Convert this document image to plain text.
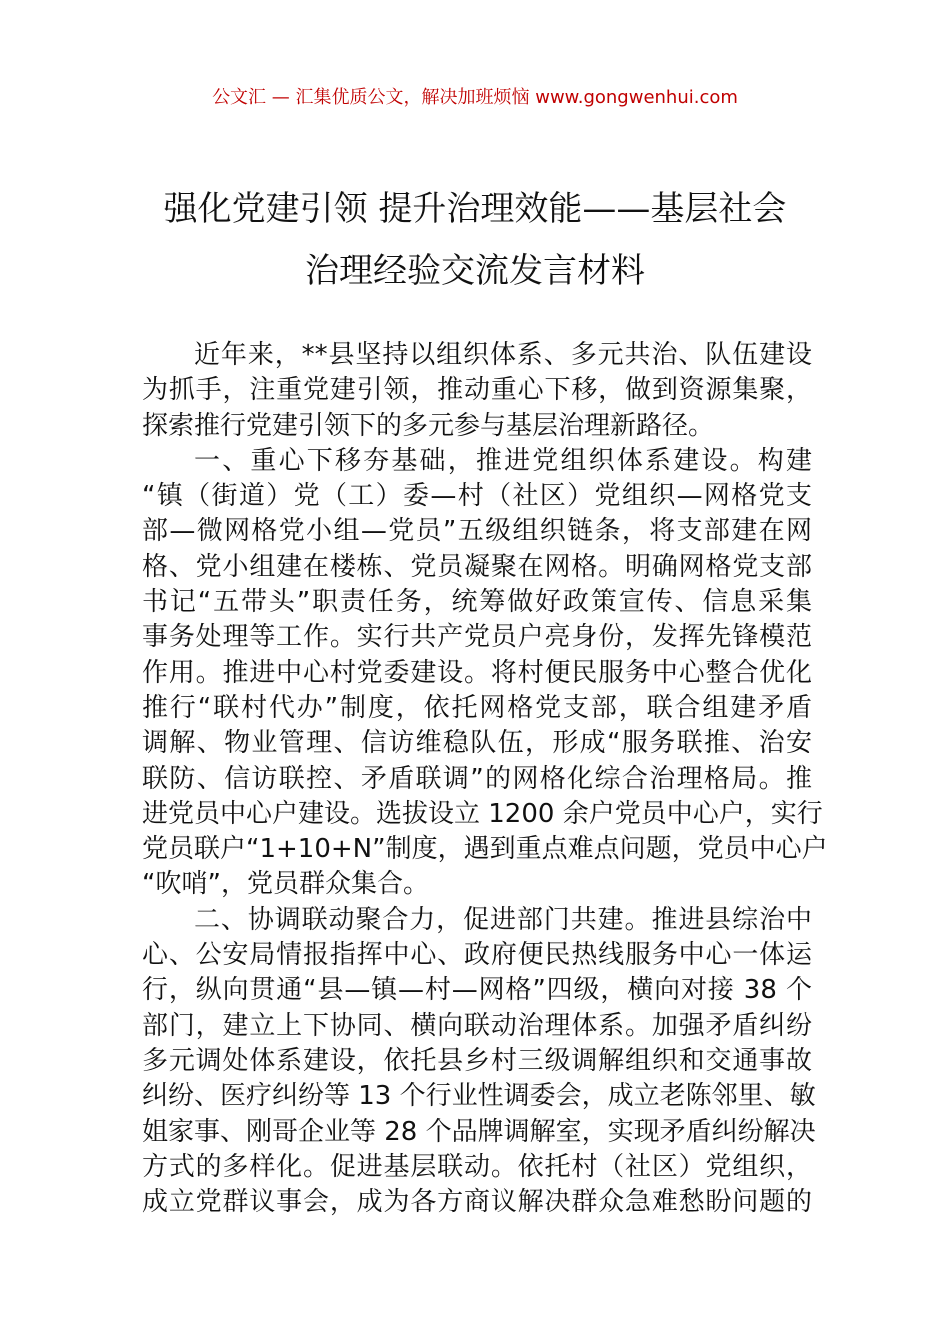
公文汇 — 汇集优质公文，解决加班烦恼 www.gongwenhui.com
强化党建引领 提升治理效能——基层社会
治理经验交流发言材料
近年来，**县坚持以组织体系、多元共治、队伍建设
为抓手，注重党建引领，推动重心下移，做到资源集聚，
探索推行党建引领下的多元参与基层治理新路径。
一、重心下移夯基础，推进党组织体系建设。构建
“镇（街道）党（工）委—村（社区）党组织—网格党支
部—微网格党小组—党员”五级组织链条，将支部建在网
格、党小组建在楼栋、党员凝聚在网格。明确网格党支部
书记“五带头”职责任务，统筹做好政策宣传、信息采集
事务处理等工作。实行共产党员户亮身份，发挥先锋模范
作用。推进中心村党委建设。将村便民服务中心整合优化
推行“联村代办”制度，依托网格党支部，联合组建矛盾
调解、物业管理、信访维稳队伍，形成“服务联推、治安
联防、信访联控、矛盾联调”的网格化综合治理格局。推
进党员中心户建设。选拔设立 1200 余户党员中心户，实行
党员联户“1+10+N”制度，遇到重点难点问题，党员中心户
“吹哨”，党员群众集合。
二、协调联动聚合力，促进部门共建。推进县综治中
心、公安局情报指挥中心、政府便民热线服务中心一体运
行，纵向贯通“县—镇—村—网格”四级，横向对接 38 个
部门，建立上下协同、横向联动治理体系。加强矛盾纠纷
多元调处体系建设，依托县乡村三级调解组织和交通事故
纠纷、医疗纠纷等 13 个行业性调委会，成立老陈邻里、敏
姐家事、刚哥企业等 28 个品牌调解室，实现矛盾纠纷解决
方式的多样化。促进基层联动。依托村（社区）党组织，
成立党群议事会，成为各方商议解决群众急难愁盼问题的
